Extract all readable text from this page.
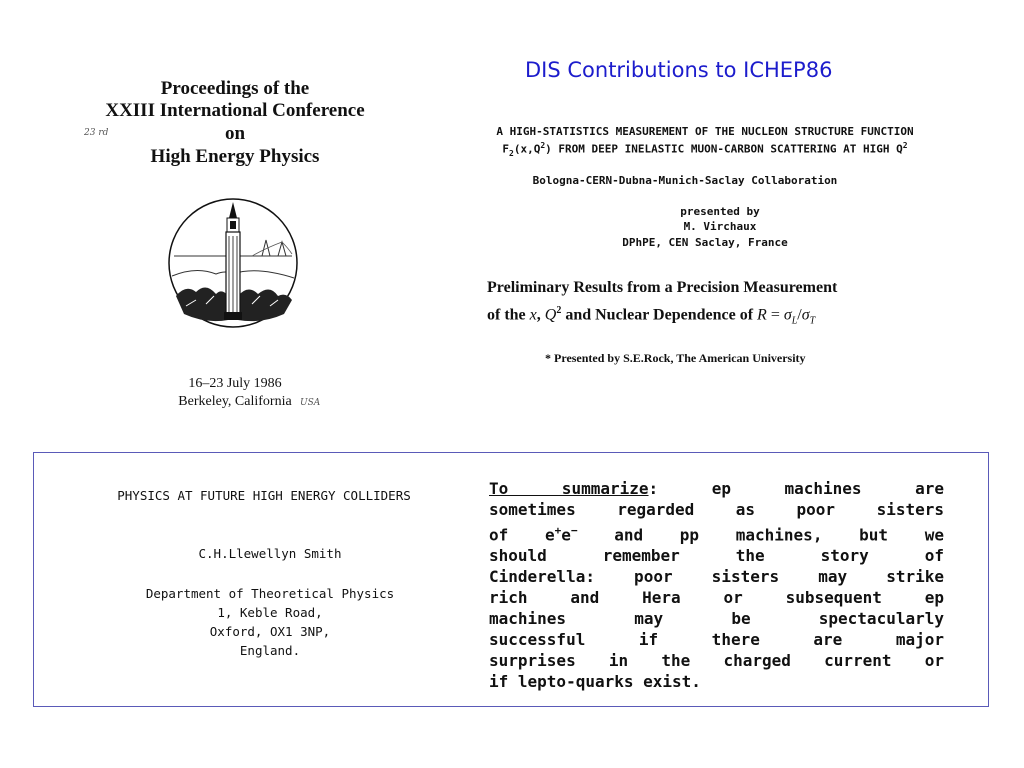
DIS Contributions to ICHEP86
Proceedings of the
XXIII International Conference
on
High Energy Physics
23 rd
16–23 July 1986
Berkeley, California USA
A HIGH-STATISTICS MEASUREMENT OF THE NUCLEON STRUCTURE FUNCTION
$F_2(x,Q^2)$ FROM DEEP INELASTIC MUON-CARBON SCATTERING AT HIGH $Q^2$
Bologna-CERN-Dubna-Munich-Saclay Collaboration
presented by
M. Virchaux
DPhPE, CEN Saclay, France
Preliminary Results from a Precision Measurement
of the x, $Q^2$ and Nuclear Dependence of $R = \sigma_L/\sigma_T$
* Presented by S.E.Rock, The American University
PHYSICS AT FUTURE HIGH ENERGY COLLIDERS
C.H.Llewellyn Smith
Department of Theoretical Physics
1, Keble Road,
Oxford, OX1 3NP,
England.
To summarize: ep machines are
sometimes regarded as poor sisters
of e+e− and pp machines, but we
should remember the story of
Cinderella: poor sisters may strike
rich and Hera or subsequent ep
machines may be spectacularly
successful if there are major
surprises in the charged current or
if lepto-quarks exist.
